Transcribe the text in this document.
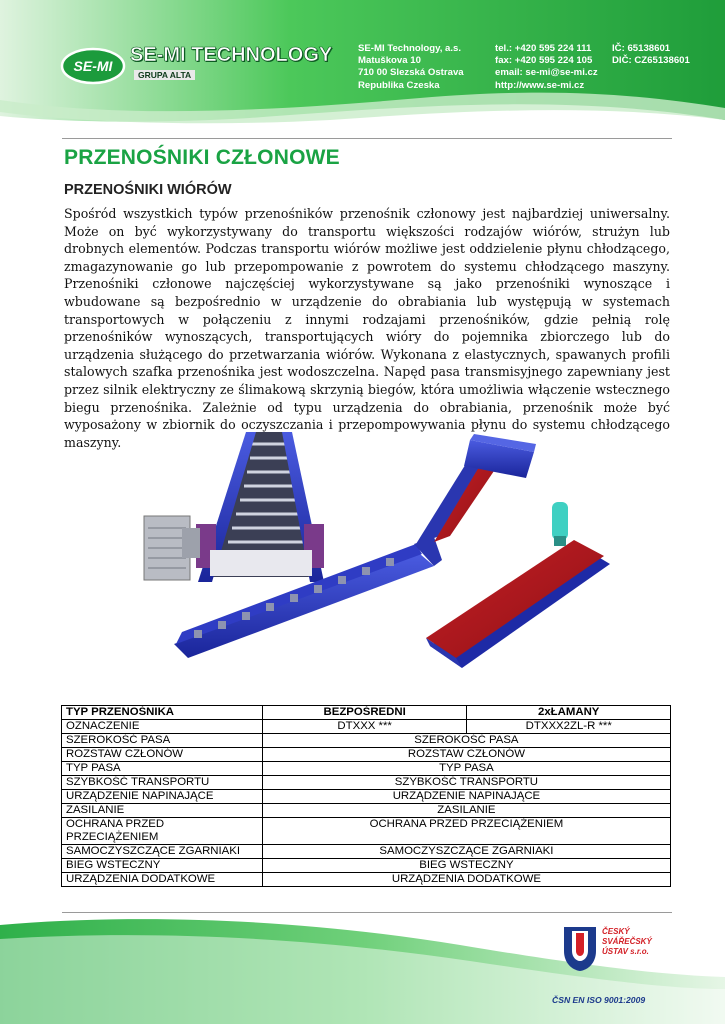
SE-MI SE-MI TECHNOLOGY
GRUPA ALTA
SE-MI Technology, a.s.
Matuškova 10
710 00 Slezská Ostrava
Republika Czeska
tel.: +420 595 224 111
fax: +420 595 224 105
email: se-mi@se-mi.cz
http://www.se-mi.cz
IČ: 65138601
DIČ: CZ65138601
PRZENOŚNIKI CZŁONOWE
PRZENOŚNIKI WIÓRÓW
Spośród wszystkich typów przenośników przenośnik członowy jest najbardziej uniwersalny. Może on być wykorzystywany do transportu większości rodzajów wiórów, strużyn lub drobnych elementów. Podczas transportu wiórów możliwe jest oddzielenie płynu chłodzącego, zmagazynowanie go lub przepompowanie z powrotem do systemu chłodzącego maszyny. Przenośniki członowe najczęściej wykorzystywane są jako przenośniki wynoszące i wbudowane są bezpośrednio w urządzenie do obrabiania lub występują w systemach transportowych w połączeniu z innymi rodzajami przenośników, gdzie pełnią rolę przenośników wynoszących, transportujących wióry do pojemnika zbiorczego lub do urządzenia służącego do przetwarzania wiórów. Wykonana z elastycznych, spawanych profili stalowych szafka przenośnika jest wodoszczelna. Napęd pasa transmisyjnego zapewniany jest przez silnik elektryczny ze ślimakową skrzynią biegów, która umożliwia włączenie wstecznego biegu przenośnika. Zależnie od typu urządzenia do obrabiania, przenośnik może być wyposażony w zbiornik do oczyszczania i przepompowywania płynu do systemu chłodzącego maszyny.
TYP PRZENOŚNIKA	BEZPOŚREDNI	2xŁAMANY
OZNACZENIE	DTXXX ***	DTXXX2ZL-R ***
SZEROKOŚĆ PASA	SZEROKOŚĆ PASA	
ROZSTAW CZŁONÓW	ROZSTAW CZŁONÓW	
TYP PASA	TYP PASA	
SZYBKOŚĆ TRANSPORTU	SZYBKOŚĆ TRANSPORTU	
URZĄDZENIE NAPINAJĄCE	URZĄDZENIE NAPINAJĄCE	
ZASILANIE	ZASILANIE	
OCHRANA PRZED PRZECIĄŻENIEM	OCHRANA PRZED PRZECIĄŻENIEM	
SAMOCZYSZCZĄCE ZGARNIAKI	SAMOCZYSZCZĄCE ZGARNIAKI	
BIEG WSTECZNY	BIEG WSTECZNY	
URZĄDZENIA DODATKOWE	URZĄDZENIA DODATKOWE	
ČESKÝ
SVÁŘEČSKÝ
ÚSTAV s.r.o.
ČSN EN ISO 9001:2009
